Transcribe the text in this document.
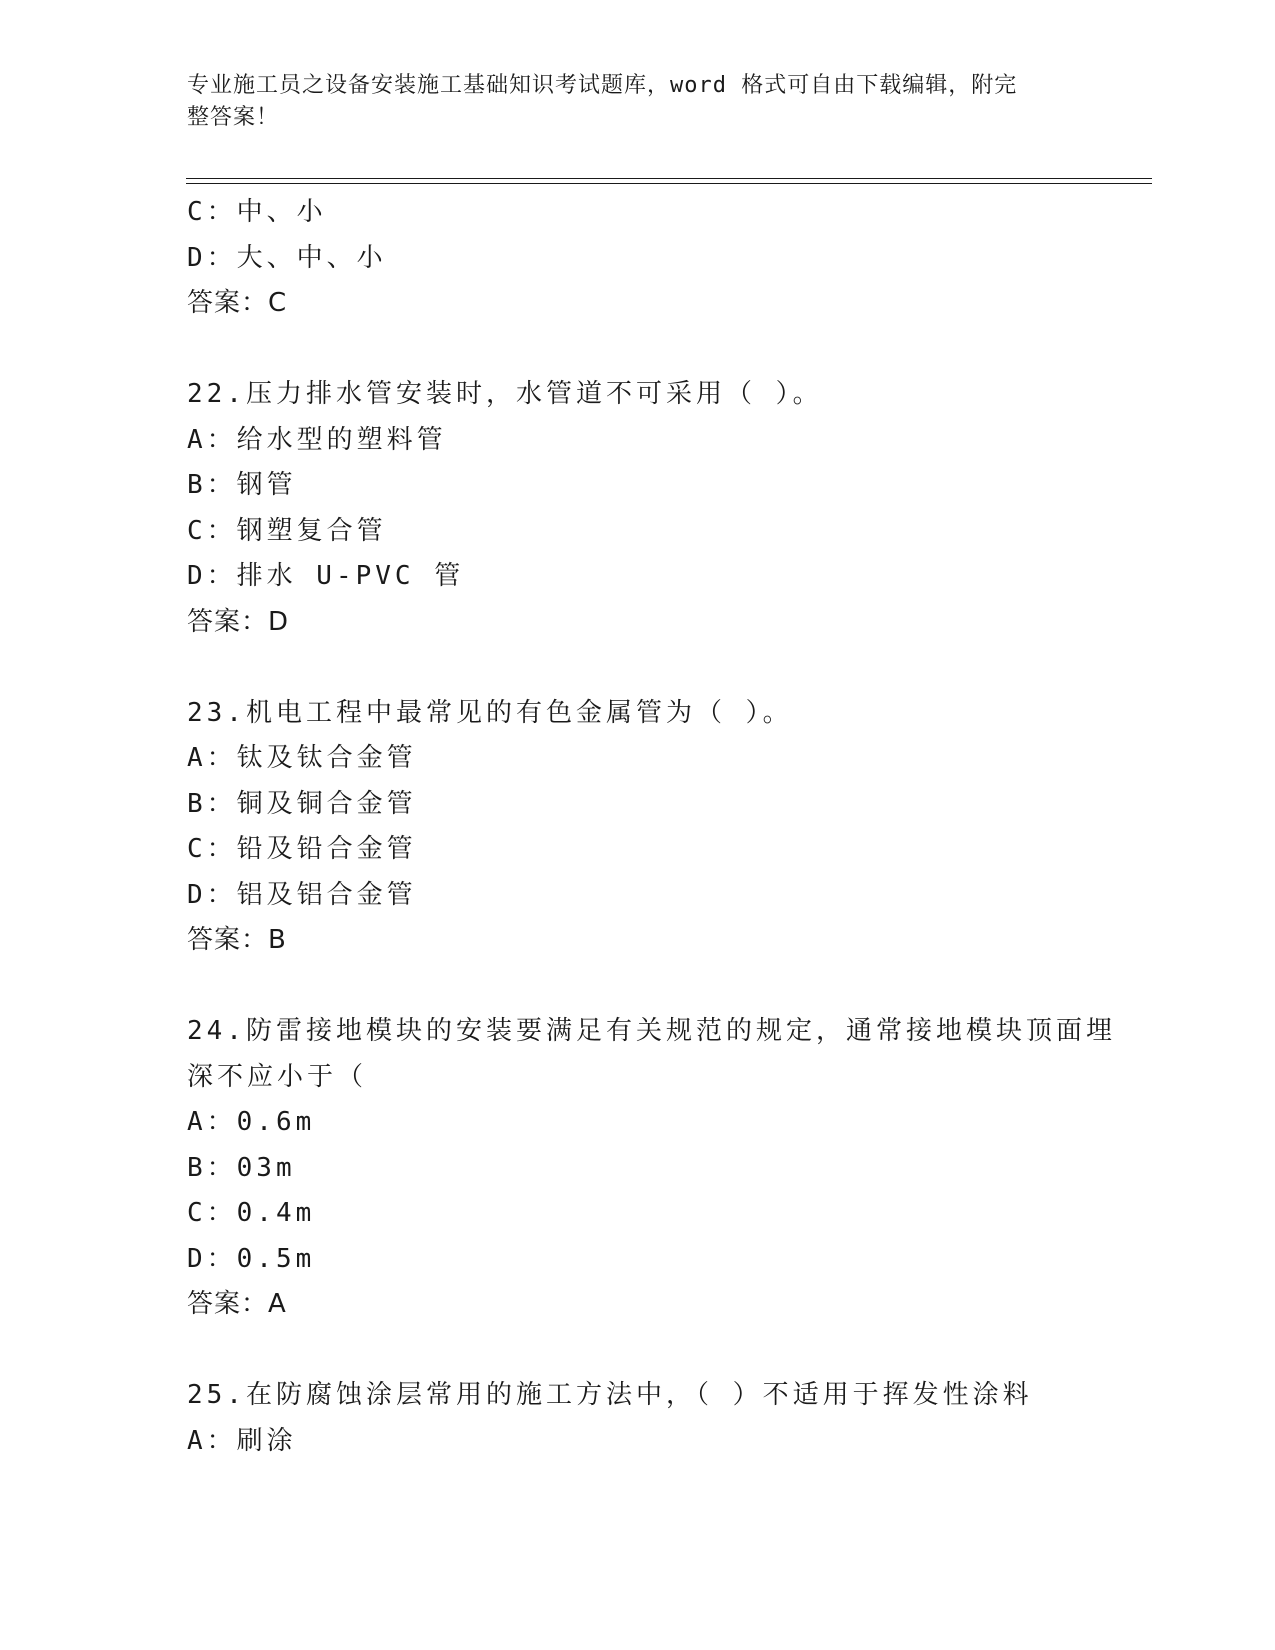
专业施工员之设备安装施工基础知识考试题库，word 格式可自由下载编辑，附完
整答案！
C：中、小
D：大、中、小
答案：C
22.压力排水管安装时，水管道不可采用（ ）。
A：给水型的塑料管
B：钢管
C：钢塑复合管
D：排水 U-PVC 管
答案：D
23.机电工程中最常见的有色金属管为（ ）。
A：钛及钛合金管
B：铜及铜合金管
C：铅及铅合金管
D：铝及铝合金管
答案：B
24.防雷接地模块的安装要满足有关规范的规定，通常接地模块顶面埋
深不应小于（
A：0.6m
B：03m
C：0.4m
D：0.5m
答案：A
25.在防腐蚀涂层常用的施工方法中，（ ）不适用于挥发性涂料
A：刷涂
